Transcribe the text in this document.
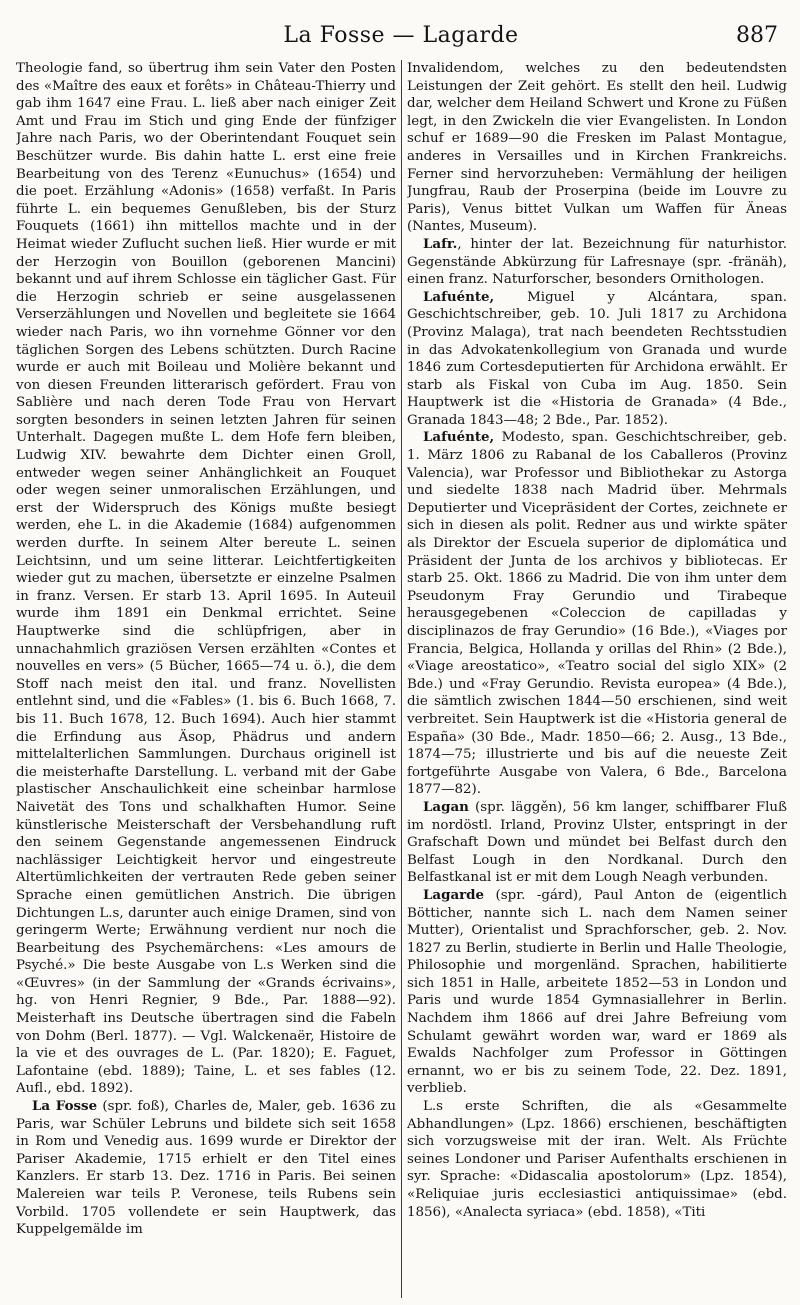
La Fosse — Lagarde	887

Theologie fand, so übertrug ihm sein Vater den Posten des «Maître des eaux et forêts» in Château-Thierry und gab ihm 1647 eine Frau. L. ließ aber nach einiger Zeit Amt und Frau im Stich und ging Ende der fünfziger Jahre nach Paris, wo der Oberintendant Fouquet sein Beschützer wurde. Bis dahin hatte L. erst eine freie Bearbeitung von des Terenz «Eunuchus» (1654) und die poet. Erzählung «Adonis» (1658) verfaßt. In Paris führte L. ein bequemes Genußleben, bis der Sturz Fouquets (1661) ihn mittellos machte und in der Heimat wieder Zuflucht suchen ließ. Hier wurde er mit der Herzogin von Bouillon (geborenen Mancini) bekannt und auf ihrem Schlosse ein täglicher Gast. Für die Herzogin schrieb er seine ausgelassenen Verserzählungen und Novellen und begleitete sie 1664 wieder nach Paris, wo ihn vornehme Gönner vor den täglichen Sorgen des Lebens schützten. Durch Racine wurde er auch mit Boileau und Molière bekannt und von diesen Freunden litterarisch gefördert. Frau von Sablière und nach deren Tode Frau von Hervart sorgten besonders in seinen letzten Jahren für seinen Unterhalt. Dagegen mußte L. dem Hofe fern bleiben, Ludwig XIV. bewahrte dem Dichter einen Groll, entweder wegen seiner Anhänglichkeit an Fouquet oder wegen seiner unmoralischen Erzählungen, und erst der Widerspruch des Königs mußte besiegt werden, ehe L. in die Akademie (1684) aufgenommen werden durfte. In seinem Alter bereute L. seinen Leichtsinn, und um seine litterar. Leichtfertigkeiten wieder gut zu machen, übersetzte er einzelne Psalmen in franz. Versen. Er starb 13. April 1695. In Auteuil wurde ihm 1891 ein Denkmal errichtet. Seine Hauptwerke sind die schlüpfrigen, aber in unnachahmlich graziösen Versen erzählten «Contes et nouvelles en vers» (5 Bücher, 1665—74 u. ö.), die dem Stoff nach meist den ital. und franz. Novellisten entlehnt sind, und die «Fables» (1. bis 6. Buch 1668, 7. bis 11. Buch 1678, 12. Buch 1694). Auch hier stammt die Erfindung aus Äsop, Phädrus und andern mittelalterlichen Sammlungen. Durchaus originell ist die meisterhafte Darstellung. L. verband mit der Gabe plastischer Anschaulichkeit eine scheinbar harmlose Naivetät des Tons und schalkhaften Humor. Seine künstlerische Meisterschaft der Versbehandlung ruft den seinem Gegenstande angemessenen Eindruck nachlässiger Leichtigkeit hervor und eingestreute Altertümlichkeiten der vertrauten Rede geben seiner Sprache einen gemütlichen Anstrich. Die übrigen Dichtungen L.s, darunter auch einige Dramen, sind von geringerm Werte; Erwähnung verdient nur noch die Bearbeitung des Psychemärchens: «Les amours de Psyché.» Die beste Ausgabe von L.s Werken sind die «Œuvres» (in der Sammlung der «Grands écrivains», hg. von Henri Regnier, 9 Bde., Par. 1888—92). Meisterhaft ins Deutsche übertragen sind die Fabeln von Dohm (Berl. 1877). — Vgl. Walckenaër, Histoire de la vie et des ouvrages de L. (Par. 1820); E. Faguet, Lafontaine (ebd. 1889); Taine, L. et ses fables (12. Aufl., ebd. 1892).

La Fosse (spr. foß), Charles de, Maler, geb. 1636 zu Paris, war Schüler Lebruns und bildete sich seit 1658 in Rom und Venedig aus. 1699 wurde er Direktor der Pariser Akademie, 1715 erhielt er den Titel eines Kanzlers. Er starb 13. Dez. 1716 in Paris. Bei seinen Malereien war teils P. Veronese, teils Rubens sein Vorbild. 1705 vollendete er sein Hauptwerk, das Kuppelgemälde im

Invalidendom, welches zu den bedeutendsten Leistungen der Zeit gehört. Es stellt den heil. Ludwig dar, welcher dem Heiland Schwert und Krone zu Füßen legt, in den Zwickeln die vier Evangelisten. In London schuf er 1689—90 die Fresken im Palast Montague, anderes in Versailles und in Kirchen Frankreichs. Ferner sind hervorzuheben: Vermählung der heiligen Jungfrau, Raub der Proserpina (beide im Louvre zu Paris), Venus bittet Vulkan um Waffen für Äneas (Nantes, Museum).

Lafr., hinter der lat. Bezeichnung für naturhistor. Gegenstände Abkürzung für Lafresnaye (spr. -fränäh), einen franz. Naturforscher, besonders Ornithologen.

Lafuénte, Miguel y Alcántara, span. Geschichtschreiber, geb. 10. Juli 1817 zu Archidona (Provinz Malaga), trat nach beendeten Rechtsstudien in das Advokatenkollegium von Granada und wurde 1846 zum Cortesdeputierten für Archidona erwählt. Er starb als Fiskal von Cuba im Aug. 1850. Sein Hauptwerk ist die «Historia de Granada» (4 Bde., Granada 1843—48; 2 Bde., Par. 1852).

Lafuénte, Modesto, span. Geschichtschreiber, geb. 1. März 1806 zu Rabanal de los Caballeros (Provinz Valencia), war Professor und Bibliothekar zu Astorga und siedelte 1838 nach Madrid über. Mehrmals Deputierter und Vicepräsident der Cortes, zeichnete er sich in diesen als polit. Redner aus und wirkte später als Direktor der Escuela superior de diplomática und Präsident der Junta de los archivos y bibliotecas. Er starb 25. Okt. 1866 zu Madrid. Die von ihm unter dem Pseudonym Fray Gerundio und Tirabeque herausgegebenen «Coleccion de capilladas y disciplinazos de fray Gerundio» (16 Bde.), «Viages por Francia, Belgica, Hollanda y orillas del Rhin» (2 Bde.), «Viage areostatico», «Teatro social del siglo XIX» (2 Bde.) und «Fray Gerundio. Revista europea» (4 Bde.), die sämtlich zwischen 1844—50 erschienen, sind weit verbreitet. Sein Hauptwerk ist die «Historia general de España» (30 Bde., Madr. 1850—66; 2. Ausg., 13 Bde., 1874—75; illustrierte und bis auf die neueste Zeit fortgeführte Ausgabe von Valera, 6 Bde., Barcelona 1877—82).

Lagan (spr. läggěn), 56 km langer, schiffbarer Fluß im nordöstl. Irland, Provinz Ulster, entspringt in der Grafschaft Down und mündet bei Belfast durch den Belfast Lough in den Nordkanal. Durch den Belfastkanal ist er mit dem Lough Neagh verbunden.

Lagarde (spr. -gárd), Paul Anton de (eigentlich Bötticher, nannte sich L. nach dem Namen seiner Mutter), Orientalist und Sprachforscher, geb. 2. Nov. 1827 zu Berlin, studierte in Berlin und Halle Theologie, Philosophie und morgenländ. Sprachen, habilitierte sich 1851 in Halle, arbeitete 1852—53 in London und Paris und wurde 1854 Gymnasiallehrer in Berlin. Nachdem ihm 1866 auf drei Jahre Befreiung vom Schulamt gewährt worden war, ward er 1869 als Ewalds Nachfolger zum Professor in Göttingen ernannt, wo er bis zu seinem Tode, 22. Dez. 1891, verblieb.

L.s erste Schriften, die als «Gesammelte Abhandlungen» (Lpz. 1866) erschienen, beschäftigten sich vorzugsweise mit der iran. Welt. Als Früchte seines Londoner und Pariser Aufenthalts erschienen in syr. Sprache: «Didascalia apostolorum» (Lpz. 1854), «Reliquiae juris ecclesiastici antiquissimae» (ebd. 1856), «Analecta syriaca» (ebd. 1858), «Titi
